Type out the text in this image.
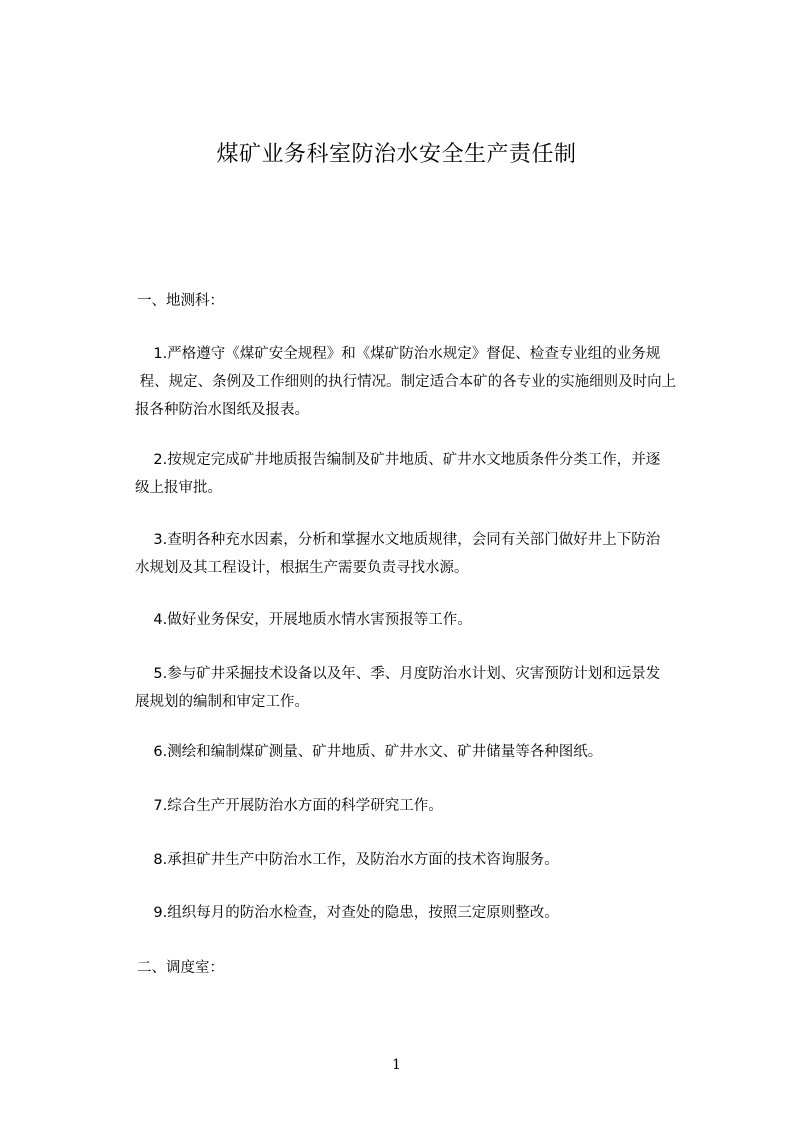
煤矿业务科室防治水安全生产责任制
一、地测科：
1.严格遵守《煤矿安全规程》和《煤矿防治水规定》督促、检查专业组的业务规
程、规定、条例及工作细则的执行情况。制定适合本矿的各专业的实施细则及时向上
报各种防治水图纸及报表。
2.按规定完成矿井地质报告编制及矿井地质、矿井水文地质条件分类工作，并逐
级上报审批。
3.查明各种充水因素，分析和掌握水文地质规律，会同有关部门做好井上下防治
水规划及其工程设计，根据生产需要负责寻找水源。
4.做好业务保安，开展地质水情水害预报等工作。
5.参与矿井采掘技术设备以及年、季、月度防治水计划、灾害预防计划和远景发
展规划的编制和审定工作。
6.测绘和编制煤矿测量、矿井地质、矿井水文、矿井储量等各种图纸。
7.综合生产开展防治水方面的科学研究工作。
8.承担矿井生产中防治水工作，及防治水方面的技术咨询服务。
9.组织每月的防治水检查，对查处的隐患，按照三定原则整改。
二、调度室：
1
